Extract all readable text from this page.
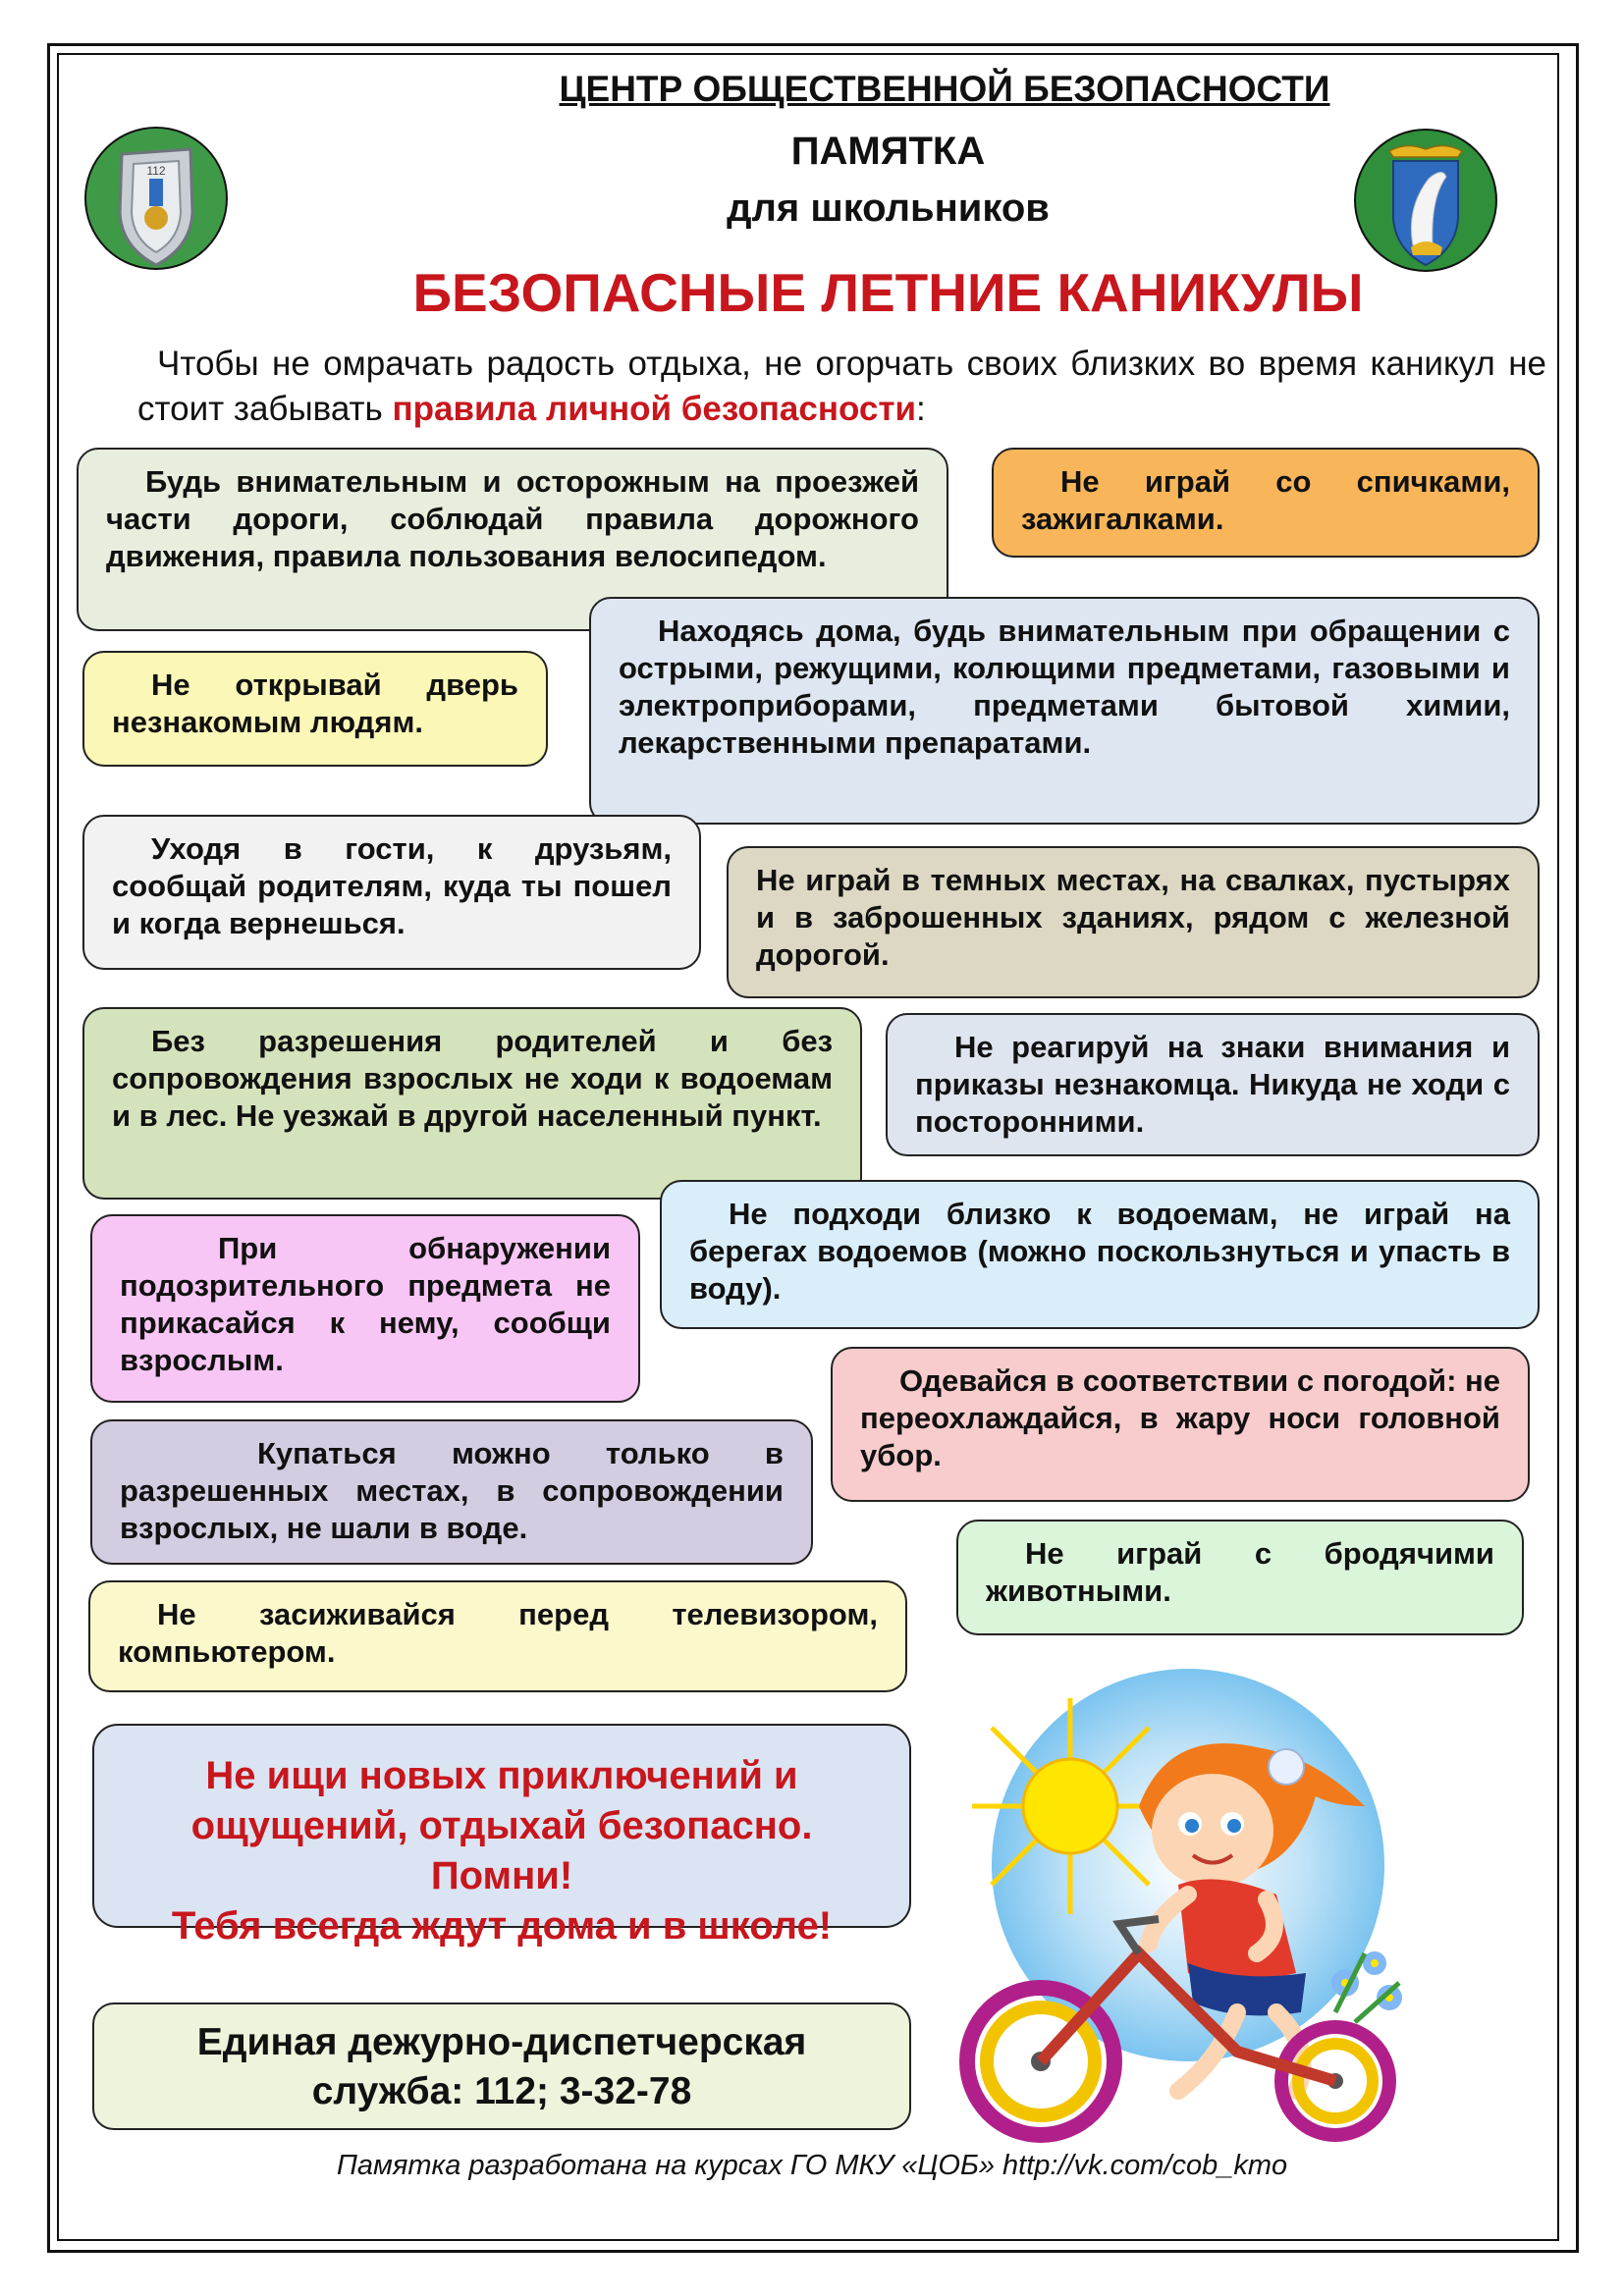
112
ЦЕНТР ОБЩЕСТВЕННОЙ БЕЗОПАСНОСТИ
ПАМЯТКА
для школьников
БЕЗОПАСНЫЕ ЛЕТНИЕ КАНИКУЛЫ
Чтобы не омрачать радость отдыха, не огорчать своих близких во время каникул не стоит забывать правила личной безопасности:

Будь внимательным и осторожным на проезжей части дороги, соблюдай правила дорожного движения, правила пользования велосипедом.

Не играй со спичками, зажигалками.

Находясь дома, будь внимательным при обращении с острыми, режущими, колющими предметами, газовыми и электроприборами, предметами бытовой химии, лекарственными препаратами.

Не открывай дверь незнакомым людям.

Уходя в гости, к друзьям, сообщай родителям, куда ты пошел и когда вернешься.

Не играй в темных местах, на свалках, пустырях и в заброшенных зданиях, рядом с железной дорогой.

Без разрешения родителей и без сопровождения взрослых не ходи к водоемам и в лес. Не уезжай в другой населенный пункт.

Не реагируй на знаки внимания и приказы незнакомца. Никуда не ходи с посторонними.

Не подходи близко к водоемам, не играй на берегах водоемов (можно поскользнуться и упасть в воду).

При обнаружении подозрительного предмета не прикасайся к нему, сообщи взрослым.

Одевайся в соответствии с погодой: не переохлаждайся, в жару носи головной убор.

Купаться можно только в разрешенных местах, в сопровождении взрослых, не шали в воде.

Не играй с бродячими животными.

Не засиживайся перед телевизором, компьютером.

Не ищи новых приключений и
ощущений, отдыхай безопасно.
Помни!
Тебя всегда ждут дома и в школе!
Единая дежурно-диспетчерская
служба: 112; 3-32-78
Памятка разработана на курсах ГО МКУ «ЦОБ» http://vk.com/cob_kmo
